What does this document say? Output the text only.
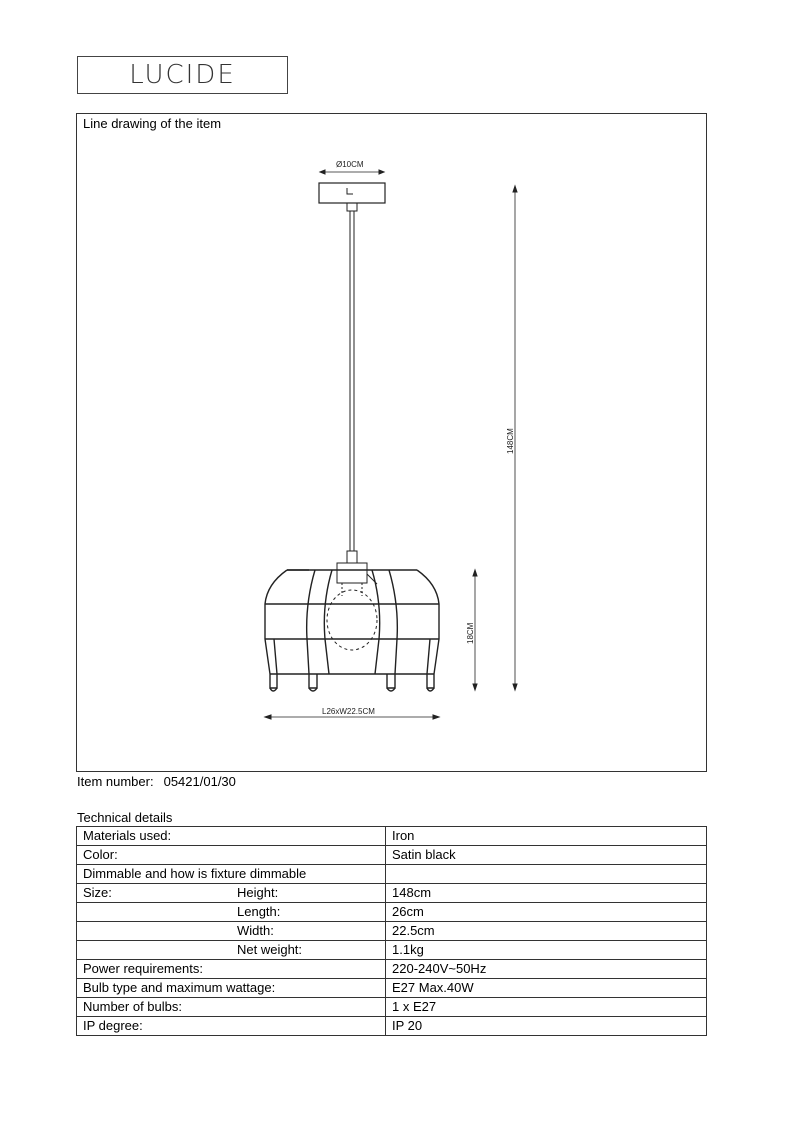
LUCIDE
Line drawing of the item
Ø10CM
L26xW22.5CM
148CM
18CM
Item number: 05421/01/30
Technical details
Materials used:	Iron
Color:	Satin black
Dimmable and how is fixture dimmable

Size: Height:	148cm

Length:	26cm

Width:	22.5cm

Net weight:	1.1kg
Power requirements:	220-240V~50Hz
Bulb type and maximum wattage:	E27 Max.40W
Number of bulbs:	1 x E27
IP degree:	IP 20
